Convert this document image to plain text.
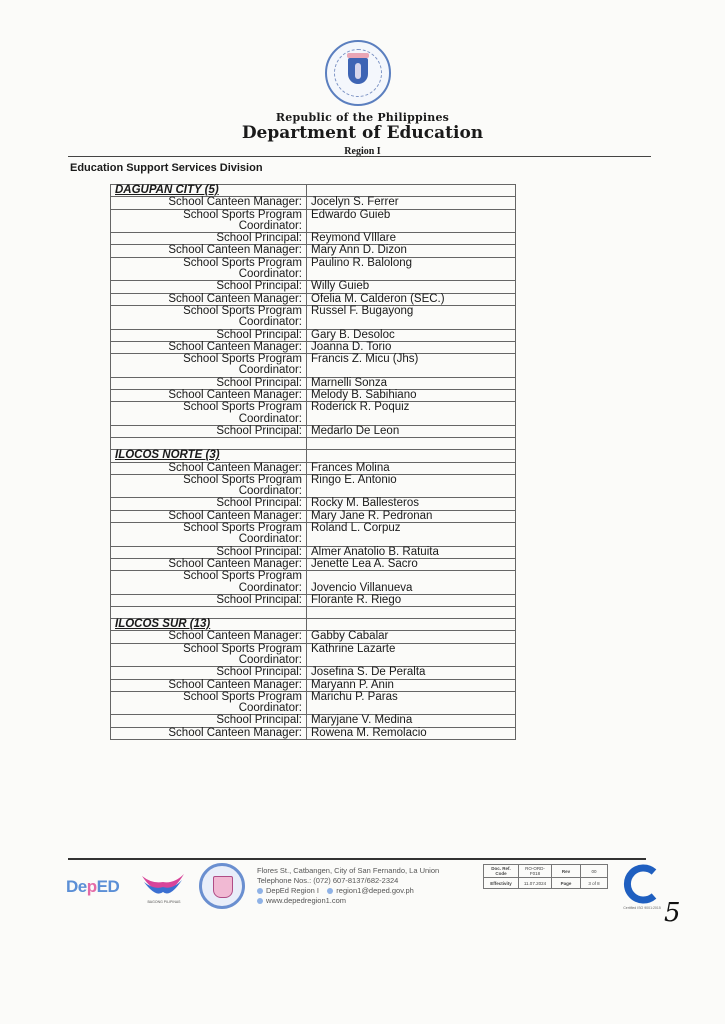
Republic of the Philippines
Department of Education
Region I
Education Support Services Division
DAGUPAN CITY (5)	
School Canteen Manager:	Jocelyn S. Ferrer

School Sports Program
Coordinator:	Edwardo Guieb
School Principal:	Reymond VIllare
School Canteen Manager:	Mary Ann D. Dizon

School Sports Program
Coordinator:	Paulino R. Balolong
School Principal:	Willy Guieb
School Canteen Manager:	Ofelia M. Calderon (SEC.)

School Sports Program
Coordinator:	Russel F. Bugayong
School Principal:	Gary B. Desoloc
School Canteen Manager:	Joanna D. Torio

School Sports Program
Coordinator:	Francis Z. Micu (Jhs)
School Principal:	Marnelli Sonza
School Canteen Manager:	Melody B. Sabihiano

School Sports Program
Coordinator:	Roderick R. Poquiz
School Principal:	Medarlo De Leon

ILOCOS NORTE (3)	
School Canteen Manager:	Frances Molina

School Sports Program
Coordinator:	Ringo E. Antonio
School Principal:	Rocky M. Ballesteros
School Canteen Manager:	Mary Jane R. Pedronan

School Sports Program
Coordinator:	Roland L. Corpuz
School Principal:	Almer Anatolio B. Ratuita
School Canteen Manager:	Jenette Lea A. Sacro

School Sports Program
Coordinator:	Jovencio Villanueva
School Principal:	Florante R. Riego

ILOCOS SUR (13)	
School Canteen Manager:	Gabby Cabalar

School Sports Program
Coordinator:	Kathrine Lazarte
School Principal:	Josefina S. De Peralta
School Canteen Manager:	Maryann P. Anin

School Sports Program
Coordinator:	Marichu P. Paras
School Principal:	Maryjane V. Medina
School Canteen Manager:	Rowena M. Remolacio
DepED
BAGONG PILIPINAS
Flores St., Catbangen, City of San Fernando, La Union
Telephone Nos.: (072) 607-8137/682-2324
DepEd Region I region1@deped.gov.ph
www.depedregion1.com
Doc. Ref. Code	RO-ORD-F018	Rev	00
Effectivity	11.07.2024	Page	3 of 8
Certified ISO 9001:2015 5
